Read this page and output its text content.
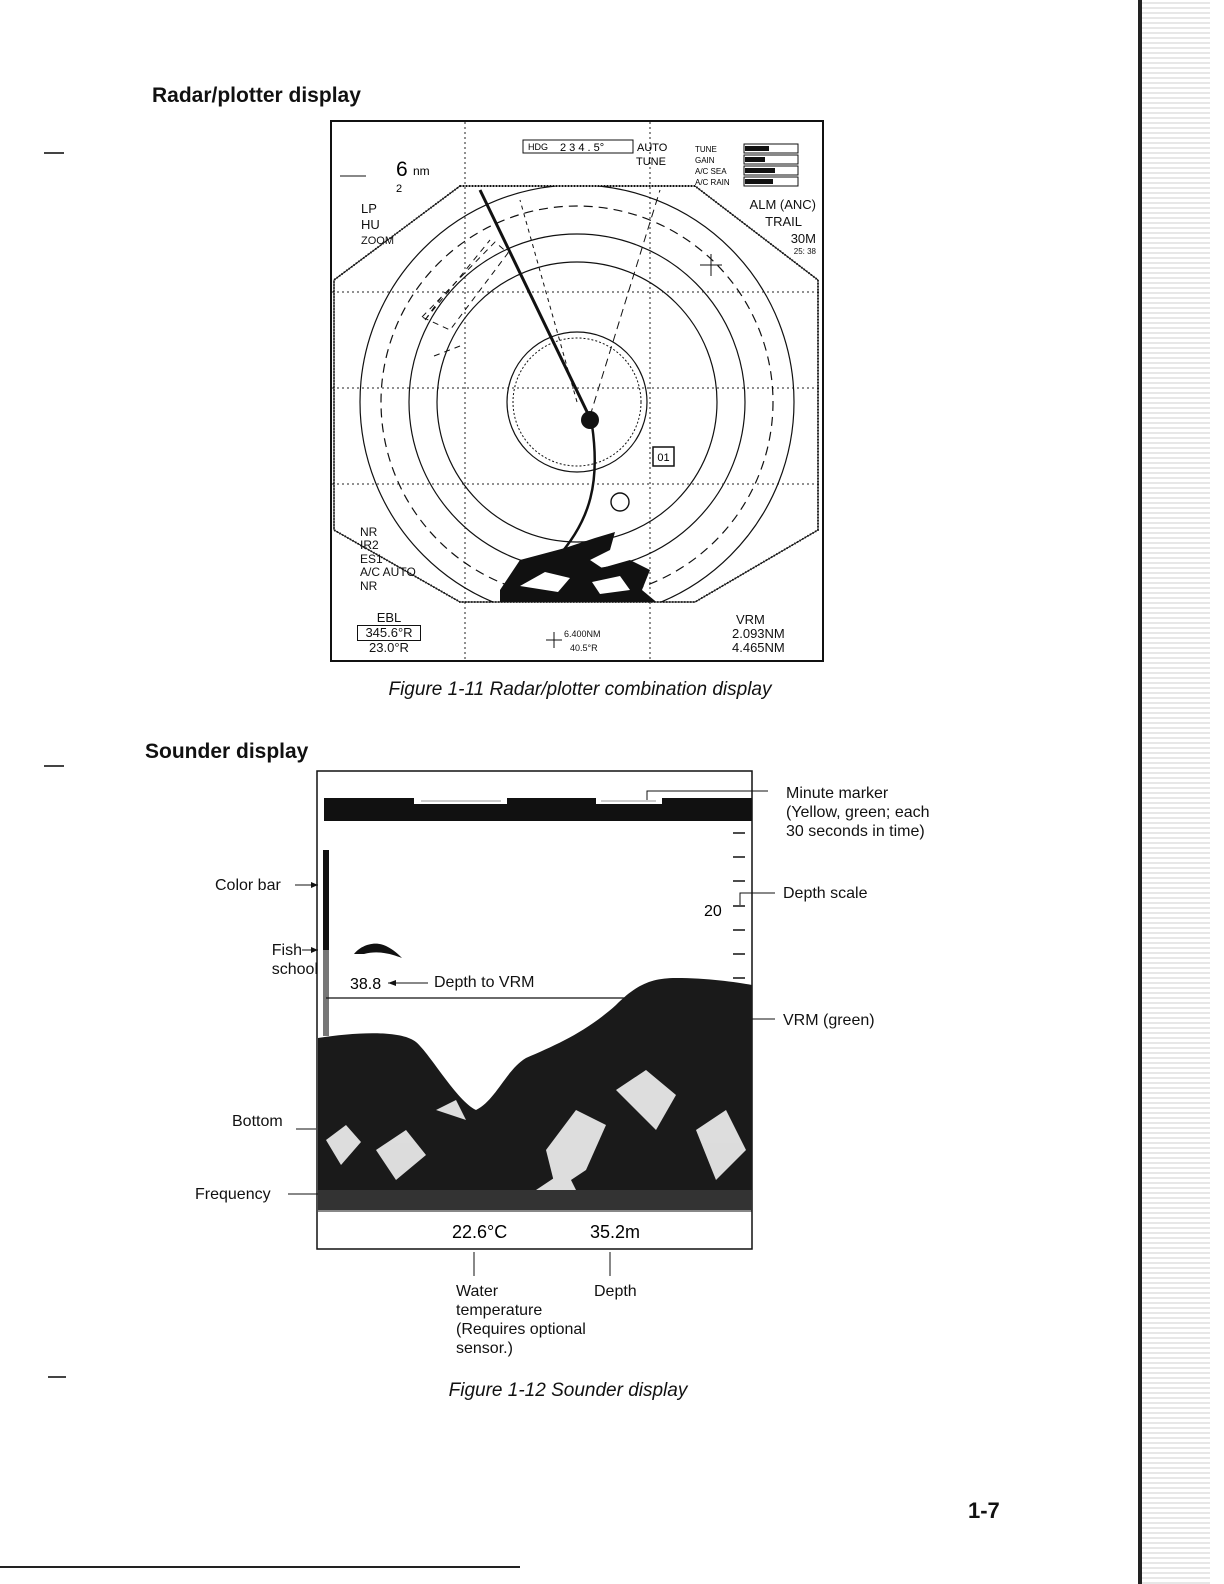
Radar/plotter display
01
HDG 2 3 4 . 5°	AUTO
TUNE
6 nm
2
TUNE
GAIN
A/C SEA
A/C RAIN
LP
HU
ZOOM
ALM (ANC)
TRAIL
30M
25: 38
NR
IR2
ES1
A/C AUTO
NR
EBL
345.6°R
23.0°R
6.400NM
40.5°R
VRM
2.093NM
4.465NM
Figure 1-11 Radar/plotter combination display
Sounder display
20
38.8
22.6°C	35.2m
Minute marker
(Yellow, green; each
30 seconds in time)
Depth scale
VRM (green)
Color bar
Fish
school
Depth to VRM
Bottom
Frequency
Water
temperature
(Requires optional
sensor.)
Depth
Figure 1-12 Sounder display
1-7
